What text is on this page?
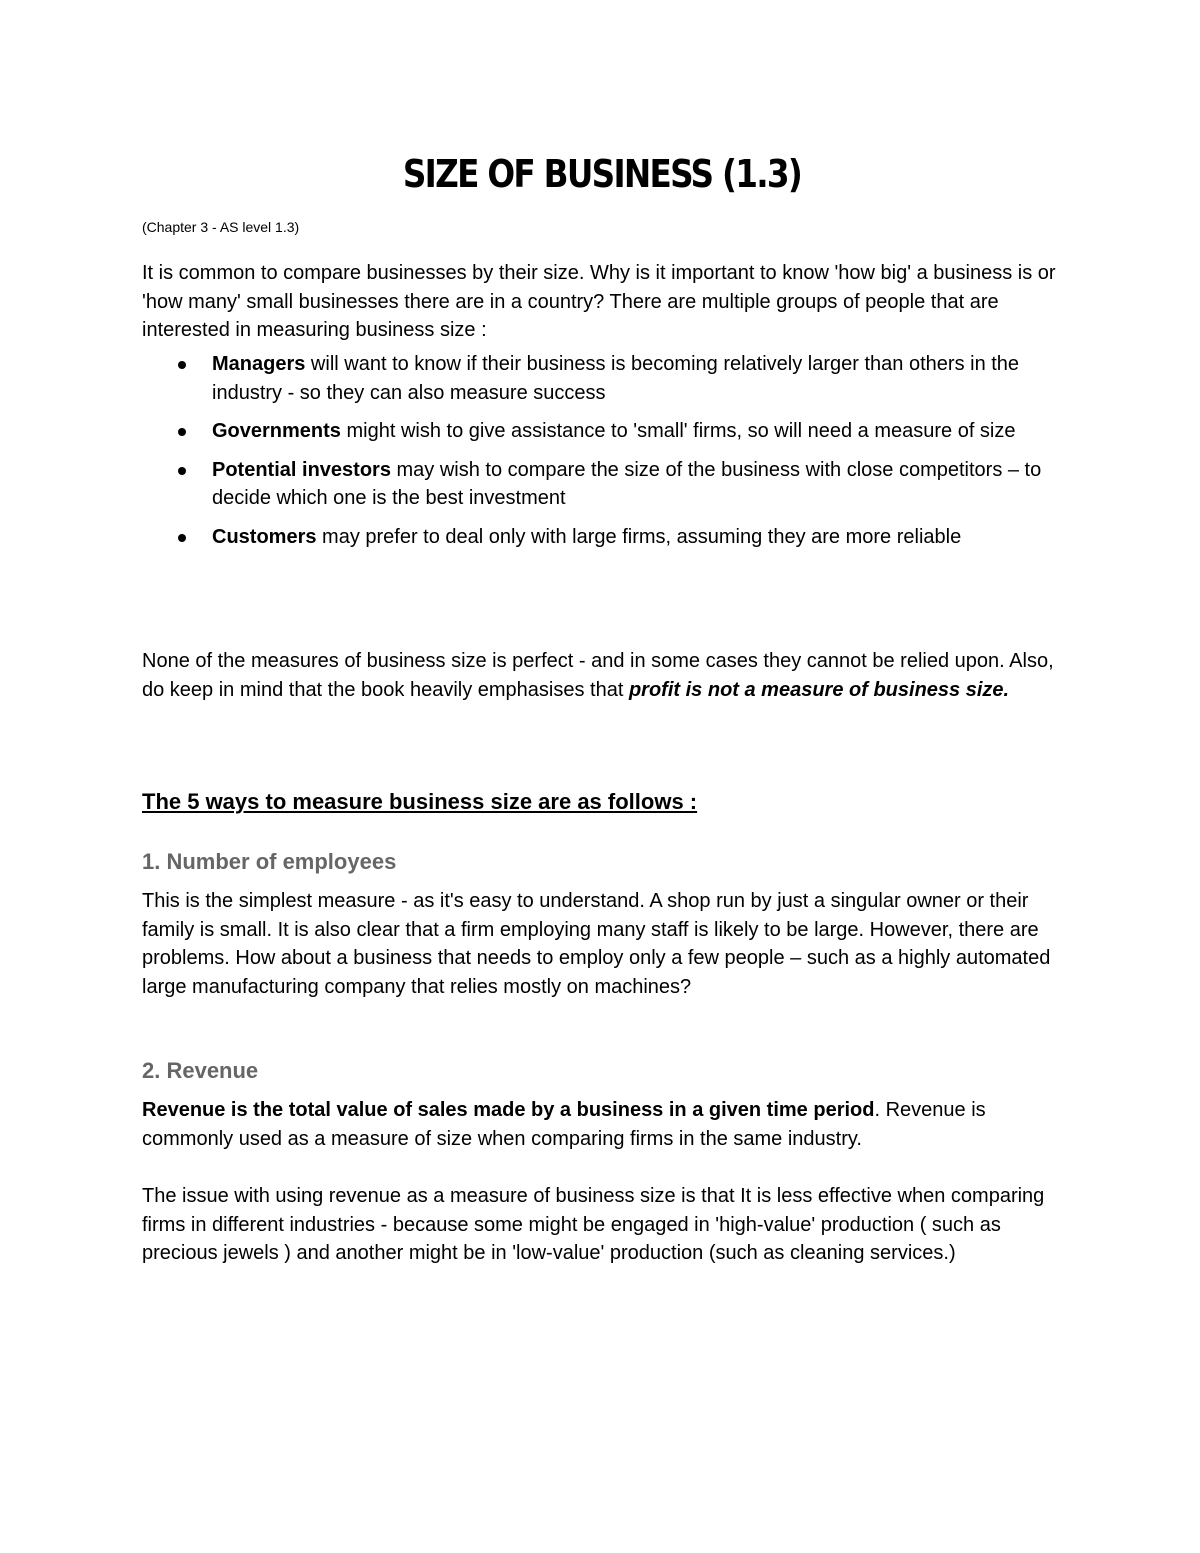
SIZE OF BUSINESS (1.3)

(Chapter 3 - AS level 1.3)

It is common to compare businesses by their size. Why is it important to know 'how big' a business is or 'how many' small businesses there are in a country? There are multiple groups of people that are interested in measuring business size :

Managers will want to know if their business is becoming relatively larger than others in the industry - so they can also measure success
Governments might wish to give assistance to 'small' firms, so will need a measure of size
Potential investors may wish to compare the size of the business with close competitors – to decide which one is the best investment
Customers may prefer to deal only with large firms, assuming they are more reliable

None of the measures of business size is perfect - and in some cases they cannot be relied upon. Also, do keep in mind that the book heavily emphasises that profit is not a measure of business size.

The 5 ways to measure business size are as follows :
1. Number of employees

This is the simplest measure - as it's easy to understand. A shop run by just a singular owner or their family is small. It is also clear that a firm employing many staff is likely to be large. However, there are problems. How about a business that needs to employ only a few people – such as a highly automated large manufacturing company that relies mostly on machines?

2. Revenue

Revenue is the total value of sales made by a business in a given time period. Revenue is commonly used as a measure of size when comparing firms in the same industry.

The issue with using revenue as a measure of business size is that It is less effective when comparing firms in different industries - because some might be engaged in 'high-value' production ( such as precious jewels ) and another might be in 'low-value' production (such as cleaning services.)
